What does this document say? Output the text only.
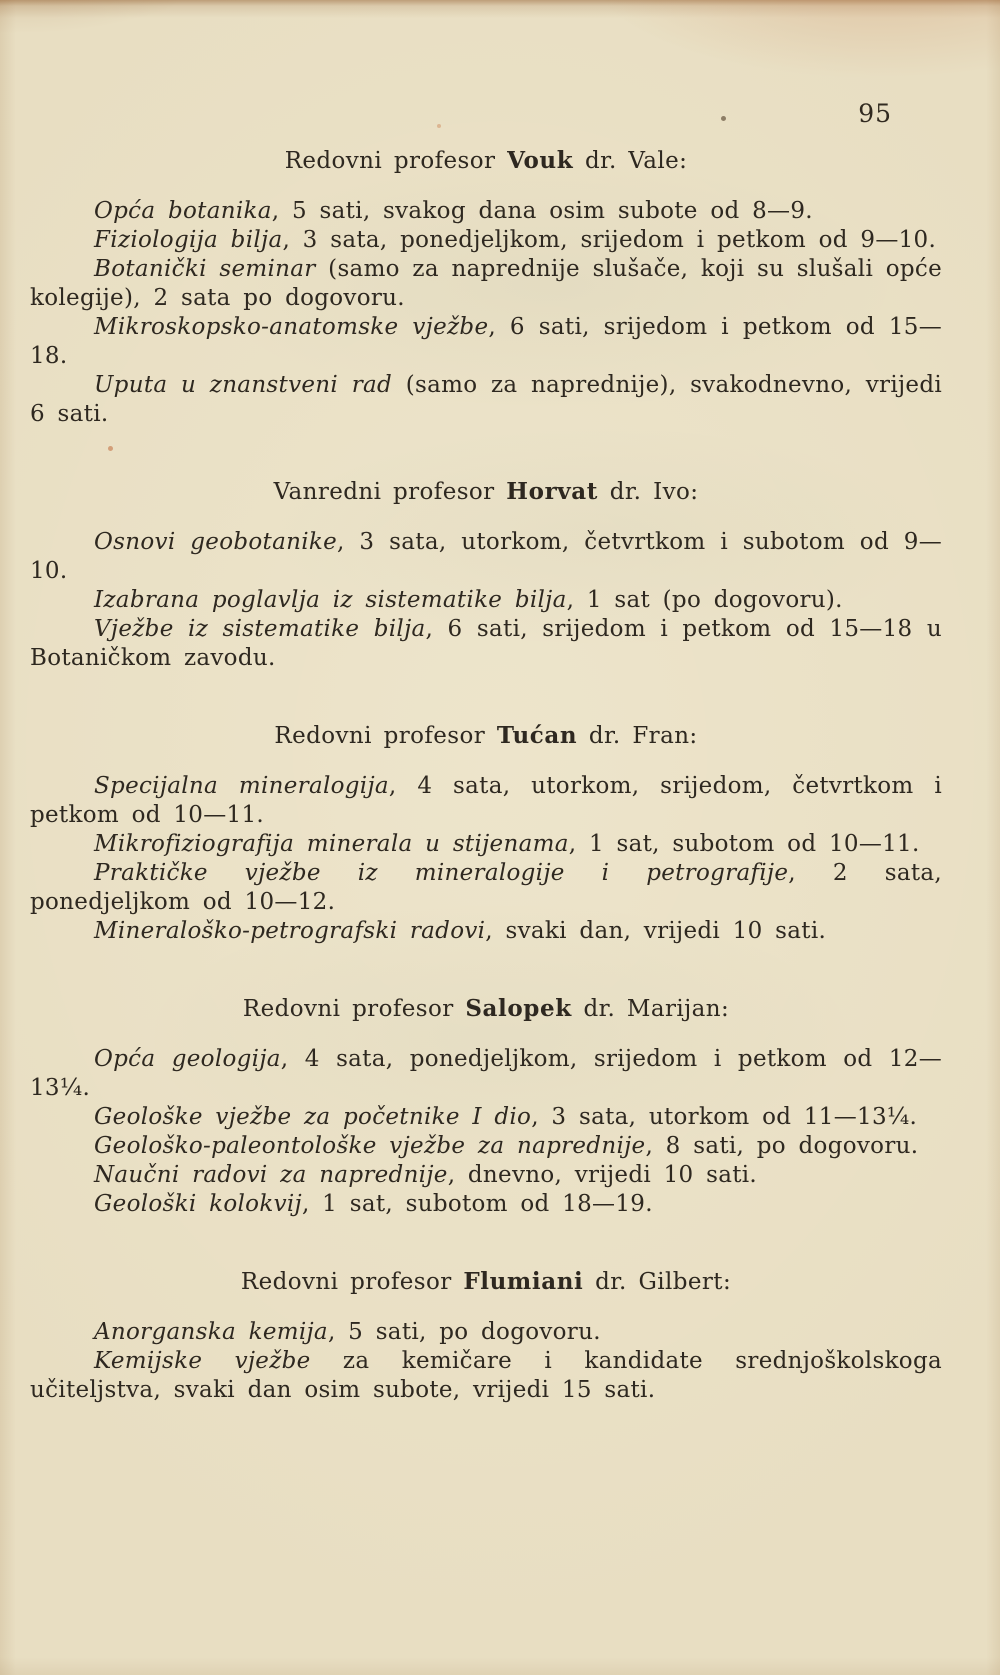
95
Redovni profesor Vouk dr. Vale:

Opća botanika, 5 sati, svakog dana osim subote od 8—9.

Fiziologija bilja, 3 sata, ponedjeljkom, srijedom i petkom od 9—10.

Botanički seminar (samo za naprednije slušače, koji su slušali opće kolegije), 2 sata po dogovoru.

Mikroskopsko-anatomske vježbe, 6 sati, srijedom i petkom od 15—18.

Uputa u znanstveni rad (samo za naprednije), svakodnevno, vrijedi 6 sati.

Vanredni profesor Horvat dr. Ivo:

Osnovi geobotanike, 3 sata, utorkom, četvrtkom i subotom od 9—10.

Izabrana poglavlja iz sistematike bilja, 1 sat (po dogovoru).

Vježbe iz sistematike bilja, 6 sati, srijedom i petkom od 15—18 u Botaničkom zavodu.

Redovni profesor Tućan dr. Fran:

Specijalna mineralogija, 4 sata, utorkom, srijedom, četvrtkom i petkom od 10—11.

Mikrofiziografija minerala u stijenama, 1 sat, subotom od 10—11.

Praktičke vježbe iz mineralogije i petrografije, 2 sata, ponedjeljkom od 10—12.

Mineraloško-petrografski radovi, svaki dan, vrijedi 10 sati.

Redovni profesor Salopek dr. Marijan:

Opća geologija, 4 sata, ponedjeljkom, srijedom i petkom od 12—13¼.

Geološke vježbe za početnike I dio, 3 sata, utorkom od 11—13¼.

Geološko-paleontološke vježbe za naprednije, 8 sati, po dogovoru.

Naučni radovi za naprednije, dnevno, vrijedi 10 sati.

Geološki kolokvij, 1 sat, subotom od 18—19.

Redovni profesor Flumiani dr. Gilbert:

Anorganska kemija, 5 sati, po dogovoru.

Kemijske vježbe za kemičare i kandidate srednjoškolskoga učiteljstva, svaki dan osim subote, vrijedi 15 sati.
